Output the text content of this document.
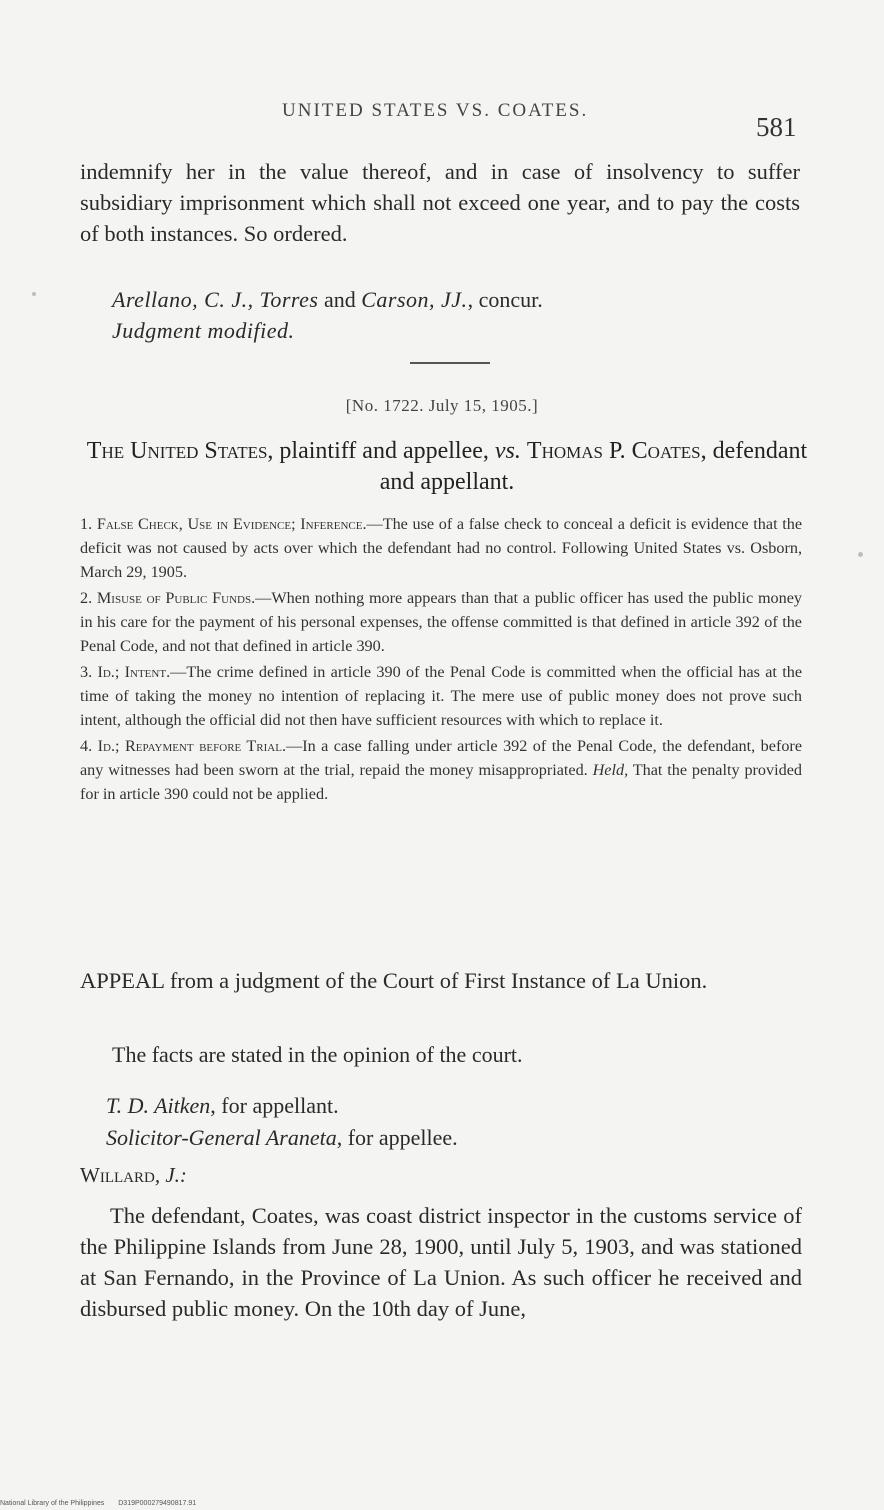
UNITED STATES VS. COATES.
581
indemnify her in the value thereof, and in case of insolvency to suffer subsidiary imprisonment which shall not exceed one year, and to pay the costs of both instances. So ordered.
Arellano, C. J., Torres and Carson, JJ., concur.
Judgment modified.
[No. 1722. July 15, 1905.]
The United States, plaintiff and appellee, vs. Thomas P. Coates, defendant and appellant.
1. False Check, Use in Evidence; Inference.—The use of a false check to conceal a deficit is evidence that the deficit was not caused by acts over which the defendant had no control. Following United States vs. Osborn, March 29, 1905.
2. Misuse of Public Funds.—When nothing more appears than that a public officer has used the public money in his care for the payment of his personal expenses, the offense committed is that defined in article 392 of the Penal Code, and not that defined in article 390.
3. Id.; Intent.—The crime defined in article 390 of the Penal Code is committed when the official has at the time of taking the money no intention of replacing it. The mere use of public money does not prove such intent, although the official did not then have sufficient resources with which to replace it.
4. Id.; Repayment before Trial.—In a case falling under article 392 of the Penal Code, the defendant, before any witnesses had been sworn at the trial, repaid the money misappropriated. Held, That the penalty provided for in article 390 could not be applied.
APPEAL from a judgment of the Court of First Instance of La Union.
The facts are stated in the opinion of the court.
T. D. Aitken, for appellant.
Solicitor-General Araneta, for appellee.
Willard, J.:
The defendant, Coates, was coast district inspector in the customs service of the Philippine Islands from June 28, 1900, until July 5, 1903, and was stationed at San Fernando, in the Province of La Union. As such officer he received and disbursed public money. On the 10th day of June,
National Library of the Philippines D319P000279490817.91
